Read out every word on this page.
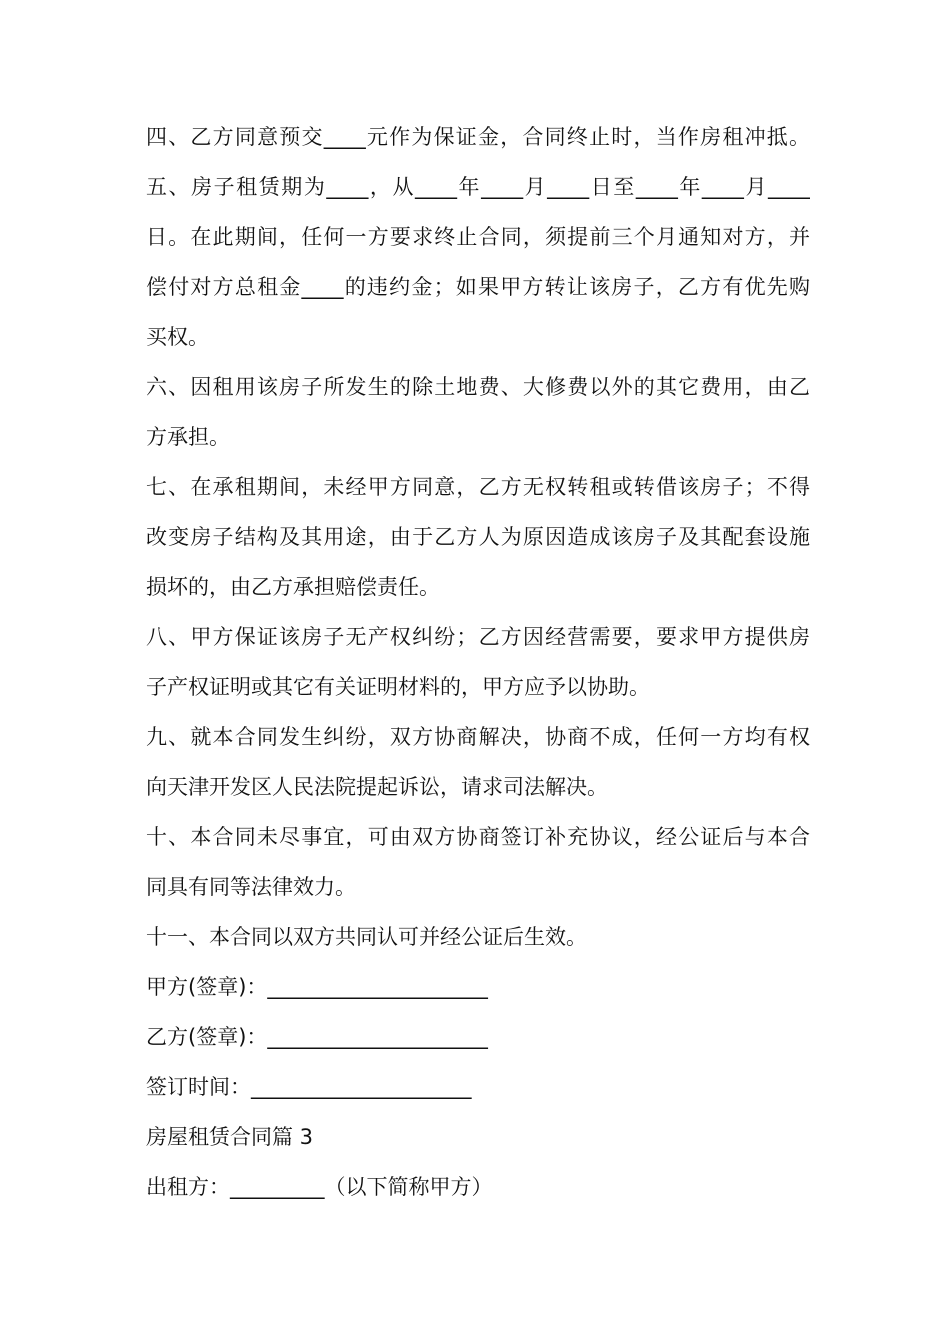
四、乙方同意预交____元作为保证金，合同终止时，当作房租冲抵。
五、房子租赁期为____，从____年____月____日至____年____月____
日。在此期间，任何一方要求终止合同，须提前三个月通知对方，并
偿付对方总租金____的违约金；如果甲方转让该房子，乙方有优先购
买权。
六、因租用该房子所发生的除土地费、大修费以外的其它费用，由乙
方承担。
七、在承租期间，未经甲方同意，乙方无权转租或转借该房子；不得
改变房子结构及其用途，由于乙方人为原因造成该房子及其配套设施
损坏的，由乙方承担赔偿责任。
八、甲方保证该房子无产权纠纷；乙方因经营需要，要求甲方提供房
子产权证明或其它有关证明材料的，甲方应予以协助。
九、就本合同发生纠纷，双方协商解决，协商不成，任何一方均有权
向天津开发区人民法院提起诉讼，请求司法解决。
十、本合同未尽事宜，可由双方协商签订补充协议，经公证后与本合
同具有同等法律效力。
十一、本合同以双方共同认可并经公证后生效。
甲方(签章)：_____________________
乙方(签章)：_____________________
签订时间：_____________________
房屋租赁合同篇 3
出租方：_________（以下简称甲方）
